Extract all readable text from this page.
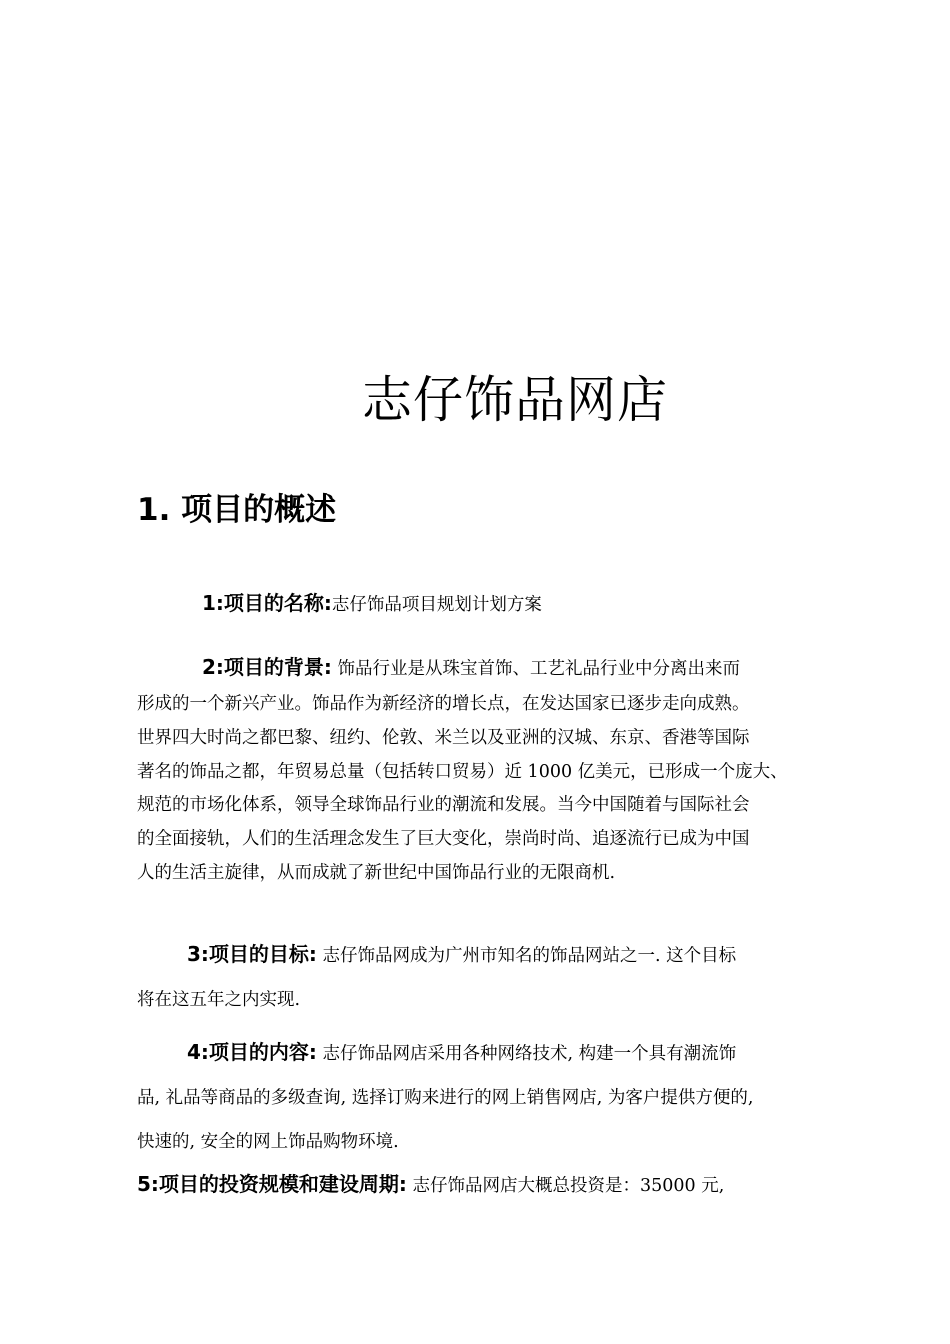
志仔饰品网店
1. 项目的概述
1:项目的名称:志仔饰品项目规划计划方案
2:项目的背景: 饰品行业是从珠宝首饰、工艺礼品行业中分离出来而
形成的一个新兴产业。饰品作为新经济的增长点，在发达国家已逐步走向成熟。
世界四大时尚之都巴黎、纽约、伦敦、米兰以及亚洲的汉城、东京、香港等国际
著名的饰品之都，年贸易总量（包括转口贸易）近 1000 亿美元，已形成一个庞大、
规范的市场化体系，领导全球饰品行业的潮流和发展。当今中国随着与国际社会
的全面接轨，人们的生活理念发生了巨大变化，崇尚时尚、追逐流行已成为中国
人的生活主旋律，从而成就了新世纪中国饰品行业的无限商机.
3:项目的目标: 志仔饰品网成为广州市知名的饰品网站之一. 这个目标
将在这五年之内实现.
4:项目的内容: 志仔饰品网店采用各种网络技术, 构建一个具有潮流饰
品, 礼品等商品的多级查询, 选择订购来进行的网上销售网店, 为客户提供方便的,
快速的, 安全的网上饰品购物环境.
5:项目的投资规模和建设周期: 志仔饰品网店大概总投资是：35000 元,
